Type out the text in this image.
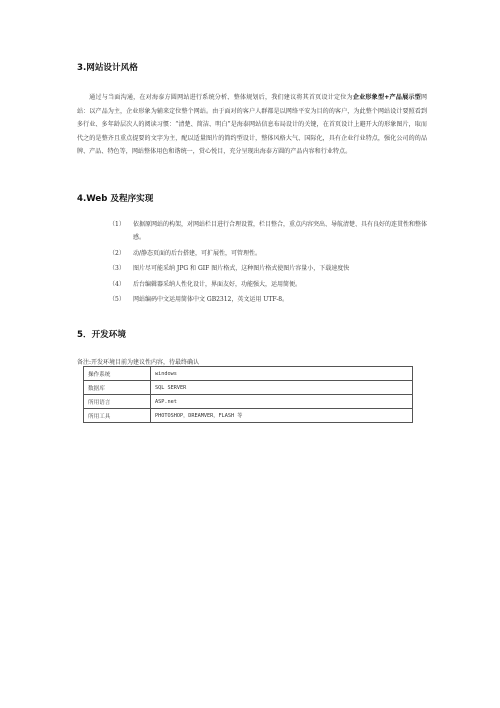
3.网站设计风格
通过与当面沟通，在对海泰方圆网站进行系统分析、整体规划后，我们建议将其首页设计定位为企业形象型+产品展示型网站：以产品为主，企业形象为辅来定位整个网站。由于面对的客户人群都是以网络平安为目的的客户，为此整个网站设计要照看到多行业、多年龄层次人的阅读习惯：“清楚、简洁、明白”是海泰网站信息布局设计的关键，在首页设计上避开大的形象图片，取而代之的是整齐且重点提要的文字为主，配以适量图片的简约型设计，整体风格大气、国际化，具有企业行业特点，强化公司的的品牌、产品、特色等，网站整体用色和谐统一，赏心悦目，充分呈现出海泰方圆的产品内容和行业特点。
4.Web 及程序实现
（1）	依据原网站的构架，对网站栏目进行合理设置，栏目整合，重点内容突出、导航清楚、具有良好的连贯性和整体感。
（2）	动/静态页面的后台搭建，可扩展性，可管理性。
（3）	图片尽可能采纳 JPG 和 GIF 图片格式，这种图片格式使图片容量小，下载速度快
（4）	后台编辑器采纳人性化设计，界面友好，功能强大，运用简便。
（5）	网站编码中文运用简体中文 GB2312，英文运用 UTF-8。
5．开发环境
备注:开发环境目前为建议性内容，待最终确认
操作系统	windows
数据库	SQL SERVER
所用语言	ASP.net
所用工具	PHOTOSHOP，DREAMVER，FLASH 等
